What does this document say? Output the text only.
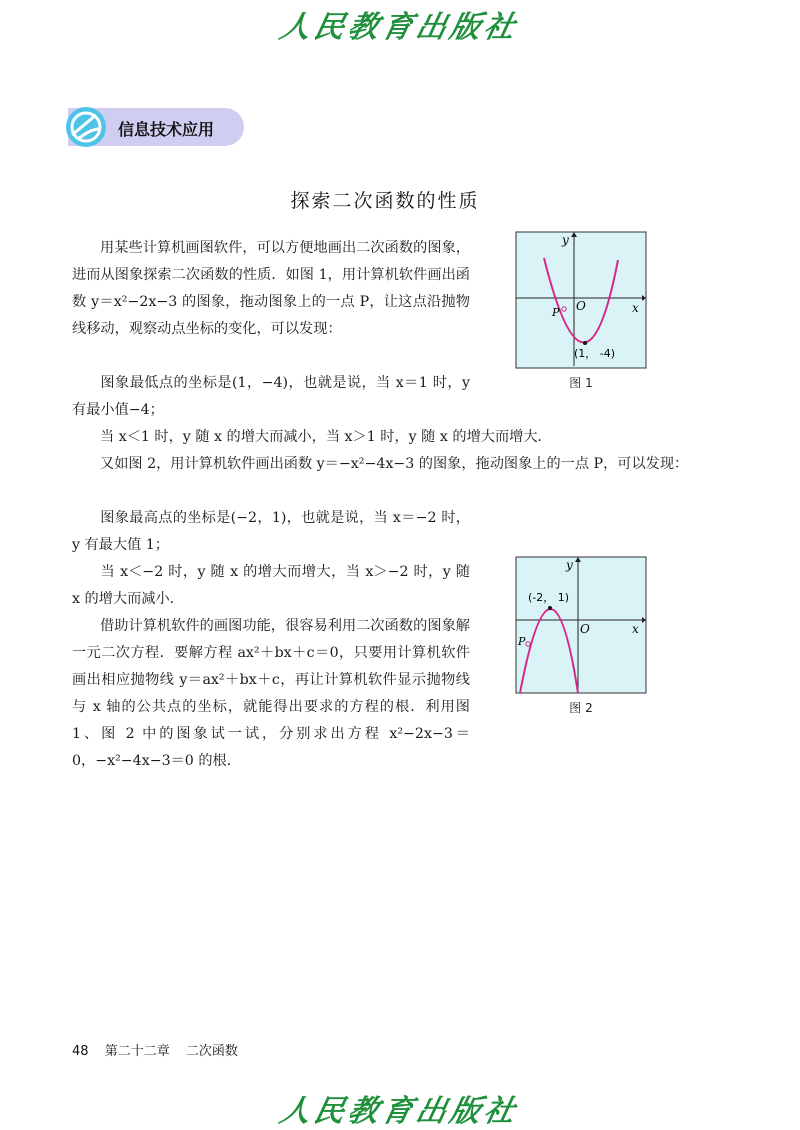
人民教育出版社
信息技术应用
探索二次函数的性质

用某些计算机画图软件，可以方便地画出二次函数的图象，进而从图象探索二次函数的性质．如图 1，用计算机软件画出函数 y＝x²−2x−3 的图象，拖动图象上的一点 P，让这点沿抛物线移动，观察动点坐标的变化，可以发现：

图象最低点的坐标是(1，−4)，也就是说，当 x＝1 时，y 有最小值−4；

当 x＜1 时，y 随 x 的增大而减小，当 x＞1 时，y 随 x 的增大而增大．

又如图 2，用计算机软件画出函数 y＝−x²−4x−3 的图象，拖动图象上的一点 P，可以发现：

图象最高点的坐标是(−2，1)，也就是说，当 x＝−2 时，y 有最大值 1；

当 x＜−2 时，y 随 x 的增大而增大，当 x＞−2 时，y 随 x 的增大而减小．

借助计算机软件的画图功能，很容易利用二次函数的图象解一元二次方程．要解方程 ax²＋bx＋c＝0，只要用计算机软件画出相应抛物线 y＝ax²＋bx＋c，再让计算机软件显示抛物线与 x 轴的公共点的坐标，就能得出要求的方程的根．利用图 1、图 2 中的图象试一试，分别求出方程 x²−2x−3＝0，−x²−4x−3＝0 的根．

x
y
O
P
(1， -4)
图 1
x
y
O
P
(-2， 1)
图 2
48 第二十二章 二次函数
人民教育出版社
